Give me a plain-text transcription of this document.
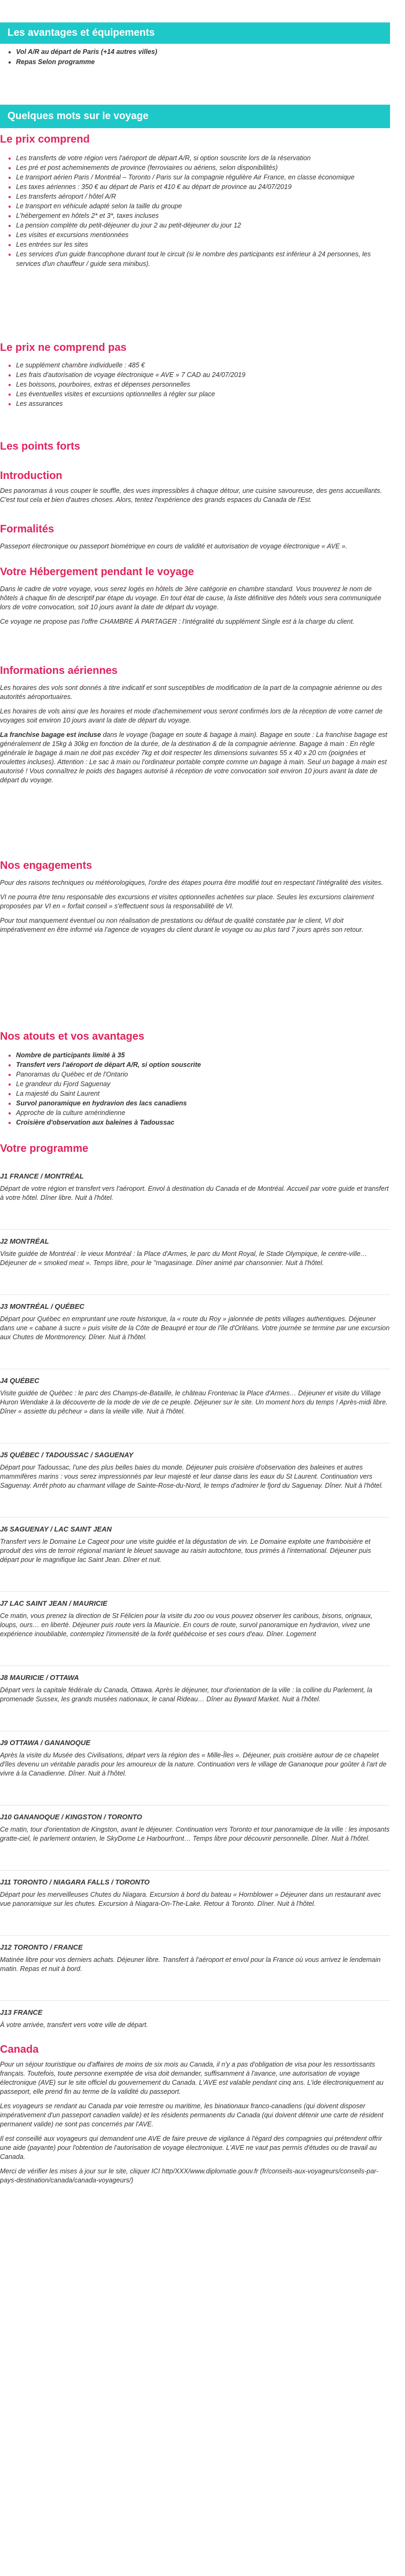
Les avantages et équipements
• Vol A/R au départ de Paris (+14 autres villes)
• Repas Selon programme
Quelques mots sur le voyage
Le prix comprend
• Les transferts de votre région vers l'aéroport de départ A/R, si option souscrite lors de la réservation
• Les pré et post acheminements de province (ferroviaires ou aériens, selon disponibilités)
• Le transport aérien Paris / Montréal – Toronto / Paris sur la compagnie régulière Air France, en classe économique
• Les taxes aériennes : 350 € au départ de Paris et 410 € au départ de province au 24/07/2019
• Les transferts aéroport / hôtel A/R
• Le transport en véhicule adapté selon la taille du groupe
• L'hébergement en hôtels 2* et 3*, taxes incluses
• La pension complète du petit-déjeuner du jour 2 au petit-déjeuner du jour 12
• Les visites et excursions mentionnées
• Les entrées sur les sites
• Les services d'un guide francophone durant tout le circuit (si le nombre des participants est inférieur à 24 personnes, les services d'un chauffeur / guide sera minibus).
Le prix ne comprend pas
• Le supplément chambre individuelle : 485 €
• Les frais d'autorisation de voyage électronique « AVE » 7 CAD au 24/07/2019
• Les boissons, pourboires, extras et dépenses personnelles
• Les éventuelles visites et excursions optionnelles à régler sur place
• Les assurances
Les points forts
Introduction

Des panoramas à vous couper le souffle, des vues impressibles à chaque détour, une cuisine savoureuse, des gens accueillants. C'est tout cela et bien d'autres choses. Alors, tentez l'expérience des grands espaces du Canada de l'Est.

Formalités

Passeport électronique ou passeport biométrique en cours de validité et autorisation de voyage électronique « AVE ».

Votre Hébergement pendant le voyage

Dans le cadre de votre voyage, vous serez logés en hôtels de 3ère catégorie en chambre standard. Vous trouverez le nom de hôtels à chaque fin de descriptif par étape du voyage. En tout état de cause, la liste définitive des hôtels vous sera communiquée lors de votre convocation, soit 10 jours avant la date de départ du voyage.

Ce voyage ne propose pas l'offre CHAMBRE À PARTAGER : l'intégralité du supplément Single est à la charge du client.

Informations aériennes

Les horaires des vols sont donnés à titre indicatif et sont susceptibles de modification de la part de la compagnie aérienne ou des autorités aéroportuaires.

Les horaires de vols ainsi que les horaires et mode d'acheminement vous seront confirmés lors de la réception de votre carnet de voyages soit environ 10 jours avant la date de départ du voyage.

La franchise bagage est incluse dans le voyage (bagage en soute & bagage à main). Bagage en soute : La franchise bagage est généralement de 15kg à 30kg en fonction de la durée, de la destination & de la compagnie aérienne. Bagage à main : En règle générale le bagage à main ne doit pas excéder 7kg et doit respecter les dimensions suivantes 55 x 40 x 20 cm (poignées et roulettes incluses). Attention : Le sac à main ou l'ordinateur portable compte comme un bagage à main. Seul un bagage à main est autorisé ! Vous connaîtrez le poids des bagages autorisé à réception de votre convocation soit environ 10 jours avant la date de départ du voyage.

Nos engagements

Pour des raisons techniques ou météorologiques, l'ordre des étapes pourra être modifié tout en respectant l'intégralité des visites.

VI ne pourra être tenu responsable des excursions et visites optionnelles achetées sur place. Seules les excursions clairement proposées par VI en « forfait conseil » s'effectuent sous la responsabilité de VI.

Pour tout manquement éventuel ou non réalisation de prestations ou défaut de qualité constatée par le client, VI doit impérativement en être informé via l'agence de voyages du client durant le voyage ou au plus tard 7 jours après son retour.

Nos atouts et vos avantages
• Nombre de participants limité à 35
• Transfert vers l'aéroport de départ A/R, si option souscrite
• Panoramas du Québec et de l'Ontario
• Le grandeur du Fjord Saguenay
• La majesté du Saint Laurent
• Survol panoramique en hydravion des lacs canadiens
• Approche de la culture amérindienne
• Croisière d'observation aux baleines à Tadoussac
Votre programme
J1 FRANCE / MONTRÉAL

Départ de votre région et transfert vers l'aéroport. Envol à destination du Canada et de Montréal. Accueil par votre guide et transfert à votre hôtel. Dîner libre. Nuit à l'hôtel.

J2 MONTRÉAL

Visite guidée de Montréal : le vieux Montréal : la Place d'Armes, le parc du Mont Royal, le Stade Olympique, le centre-ville… Déjeuner de « smoked meat ». Temps libre, pour le "magasinage. Dîner animé par chansonnier. Nuit à l'hôtel.

J3 MONTRÉAL / QUÉBEC

Départ pour Québec en empruntant une route historique, la « route du Roy » jalonnée de petits villages authentiques. Déjeuner dans une « cabane à sucre » puis visite de la Côte de Beaupré et tour de l'île d'Orléans. Votre journée se termine par une excursion aux Chutes de Montmorency. Dîner. Nuit à l'hôtel.

J4 QUÉBEC

Visite guidée de Québec : le parc des Champs-de-Bataille, le château Frontenac la Place d'Armes… Déjeuner et visite du Village Huron Wendake à la découverte de la mode de vie de ce peuple. Déjeuner sur le site. Un moment hors du temps ! Après-midi libre. Dîner « assiette du pêcheur » dans la vieille ville. Nuit à l'hôtel.

J5 QUÉBEC / TADOUSSAC / SAGUENAY

Départ pour Tadoussac, l'une des plus belles baies du monde. Déjeuner puis croisière d'observation des baleines et autres mammifères marins : vous serez impressionnés par leur majesté et leur danse dans les eaux du St Laurent. Continuation vers Saguenay. Arrêt photo au charmant village de Sainte-Rose-du-Nord, le temps d'admirer le fjord du Saguenay. Dîner. Nuit à l'hôtel.

J6 SAGUENAY / LAC SAINT JEAN

Transfert vers le Domaine Le Cageot pour une visite guidée et la dégustation de vin. Le Domaine exploite une framboisière et produit des vins de terroir régional mariant le bleuet sauvage au raisin autochtone, tous primés à l'international. Déjeuner puis départ pour le magnifique lac Saint Jean. Dîner et nuit.

J7 LAC SAINT JEAN / MAURICIE

Ce matin, vous prenez la direction de St Félicien pour la visite du zoo ou vous pouvez observer les caribous, bisons, orignaux, loups, ours… en liberté. Déjeuner puis route vers la Mauricie. En cours de route, survol panoramique en hydravion, vivez une expérience inoubliable, contemplez l'immensité de la forêt québécoise et ses cours d'eau. Dîner. Logement

J8 MAURICIE / OTTAWA

Départ vers la capitale fédérale du Canada, Ottawa. Après le déjeuner, tour d'orientation de la ville : la colline du Parlement, la promenade Sussex, les grands musées nationaux, le canal Rideau… Dîner au Byward Market. Nuit à l'hôtel.

J9 OTTAWA / GANANOQUE

Après la visite du Musée des Civilisations, départ vers la région des « Mille-Îles ». Déjeuner, puis croisière autour de ce chapelet d'îles devenu un véritable paradis pour les amoureux de la nature. Continuation vers le village de Gananoque pour goûter à l'art de vivre à la Canadienne. Dîner. Nuit à l'hôtel.

J10 GANANOQUE / KINGSTON / TORONTO

Ce matin, tour d'orientation de Kingston, avant le déjeuner. Continuation vers Toronto et tour panoramique de la ville : les imposants gratte-ciel, le parlement ontarien, le SkyDome Le Harbourfront… Temps libre pour découvrir personnelle. Dîner. Nuit à l'hôtel.

J11 TORONTO / NIAGARA FALLS / TORONTO

Départ pour les merveilleuses Chutes du Niagara. Excursion à bord du bateau « Hornblower » Déjeuner dans un restaurant avec vue panoramique sur les chutes. Excursion à Niagara-On-The-Lake. Retour à Toronto. Dîner. Nuit à l'hôtel.

J12 TORONTO / FRANCE

Matinée libre pour vos derniers achats. Déjeuner libre. Transfert à l'aéroport et envol pour la France où vous arrivez le lendemain matin. Repas et nuit à bord.

J13 FRANCE

À votre arrivée, transfert vers votre ville de départ.

Canada

Pour un séjour touristique ou d'affaires de moins de six mois au Canada, il n'y a pas d'obligation de visa pour les ressortissants français. Toutefois, toute personne exemptée de visa doit demander, suffisamment à l'avance, une autorisation de voyage électronique (AVE) sur le site officiel du gouvernement du Canada. L'AVE est valable pendant cinq ans. L'ide électroniquement au passeport, elle prend fin au terme de la validité du passeport.

Les voyageurs se rendant au Canada par voie terrestre ou maritime, les binationaux franco-canadiens (qui doivent disposer impérativement d'un passeport canadien valide) et les résidents permanents du Canada (qui doivent détenir une carte de résident permanent valide) ne sont pas concernés par l'AVE.

Il est conseillé aux voyageurs qui demandent une AVE de faire preuve de vigilance à l'égard des compagnies qui prétendent offrir une aide (payante) pour l'obtention de l'autorisation de voyage électronique. L'AVE ne vaut pas permis d'études ou de travail au Canada.

Merci de vérifier les mises à jour sur le site, cliquer ICI http/XXX/www.diplomatie.gouv.fr (fr/conseils-aux-voyageurs/conseils-par-pays-destination/canada/canada-voyageurs/)
